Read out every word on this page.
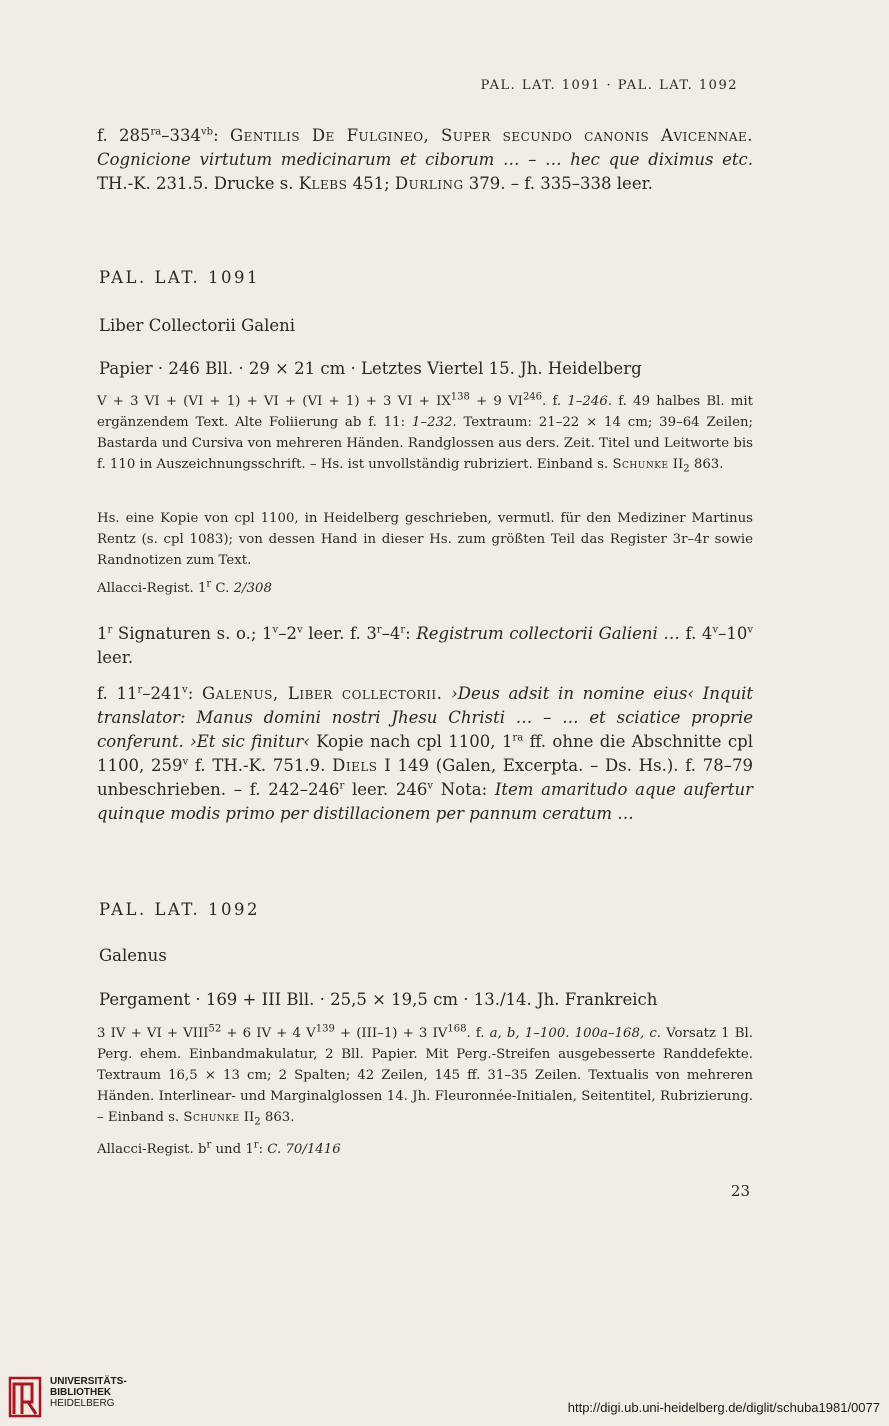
PAL. LAT. 1091 · PAL. LAT. 1092
f. $285^{ra}-334^{vb}$: Gentilis De Fulgineo, Super secundo canonis Avicennae. Cognicione virtutum medicinarum et ciborum … – … hec que diximus etc. TH.-K. 231.5. Drucke s. Klebs 451; Durling 379. – f. 335–338 leer.
PAL. LAT. 1091
Liber Collectorii Galeni
Papier · 246 Bll. · 29 × 21 cm · Letztes Viertel 15. Jh. Heidelberg
V + 3 VI + (VI + 1) + VI + (VI + 1) + 3 VI + $IX^{138} + 9$ VI$^{246}$. f. 1–246. f. 49 halbes Bl. mit ergänzendem Text. Alte Foliierung ab f. 11: 1–232. Textraum: 21–22 × 14 cm; 39–64 Zeilen; Bastarda und Cursiva von mehreren Händen. Randglossen aus ders. Zeit. Titel und Leitworte bis f. 110 in Auszeichnungsschrift. – Hs. ist unvollständig rubriziert. Einband s. Schunke $II_2$ 863.
Hs. eine Kopie von cpl 1100, in Heidelberg geschrieben, vermutl. für den Mediziner Martinus Rentz (s. cpl 1083); von dessen Hand in dieser Hs. zum größten Teil das Register 3r–4r sowie Randnotizen zum Text.
Allacci-Regist. 1$^r$ C. 2/308
1$^r$ Signaturen s. o.; 1$^v$–2$^v$ leer. f. 3$^r$–4$^r$: Registrum collectorii Galieni … f. 4$^v$–10$^v$ leer.
f. 11$^r$–241$^v$: Galenus, Liber collectorii. ›Deus adsit in nomine eius‹ Inquit translator: Manus domini nostri Jhesu Christi … – … et sciatice proprie conferunt. ›Et sic finitur‹ Kopie nach cpl 1100, $1^{ra}$ ff. ohne die Abschnitte cpl 1100, 259$^v$ f. TH.-K. 751.9. Diels I 149 (Galen, Excerpta. – Ds. Hs.). f. 78–79 unbeschrieben. – f. 242–246$^r$ leer. 246$^v$ Nota: Item amaritudo aque aufertur quinque modis primo per distillacionem per pannum ceratum …
PAL. LAT. 1092
Galenus
Pergament · 169 + III Bll. · 25,5 × 19,5 cm · 13./14. Jh. Frankreich
3 IV + VI + $VIII^{52} + 6$ IV + 4 $V^{139} + (III-1) + 3$ IV$^{168}$. f. a, b, 1–100. 100a–168, c. Vorsatz 1 Bl. Perg. ehem. Einbandmakulatur, 2 Bll. Papier. Mit Perg.-Streifen ausgebesserte Randdefekte. Textraum 16,5 × 13 cm; 2 Spalten; 42 Zeilen, 145 ff. 31–35 Zeilen. Textualis von mehreren Händen. Interlinear- und Marginalglossen 14. Jh. Fleuronnée-Initialen, Seitentitel, Rubrizierung. – Einband s. Schunke $II_2$ 863.
Allacci-Regist. $b^r$ und 1$^r$: C. 70/1416
23
UNIVERSITÄTS-
BIBLIOTHEK
HEIDELBERG	http://digi.ub.uni-heidelberg.de/diglit/schuba1981/0077
